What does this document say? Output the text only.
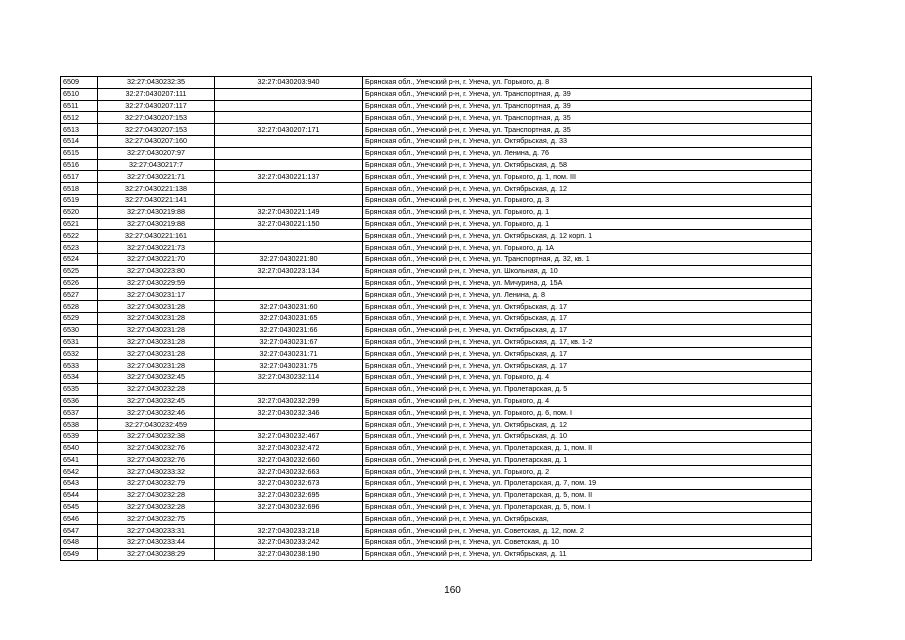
6509	32:27:0430232:35	32:27:0430203:940	Брянская обл., Унечский р-н, г. Унеча, ул. Горького, д. 8
6510	32:27:0430207:111		Брянская обл., Унечский р-н, г. Унеча, ул. Транспортная, д. 39
6511	32:27:0430207:117		Брянская обл., Унечский р-н, г. Унеча, ул. Транспортная, д. 39
6512	32:27:0430207:153		Брянская обл., Унечский р-н, г. Унеча, ул. Транспортная, д. 35
6513	32:27:0430207:153	32:27:0430207:171	Брянская обл., Унечский р-н, г. Унеча, ул. Транспортная, д. 35
6514	32:27:0430207:160		Брянская обл., Унечский р-н, г. Унеча, ул. Октябрьская, д. 33
6515	32:27:0430207:97		Брянская обл., Унечский р-н, г. Унеча, ул. Ленина, д. 76
6516	32:27:0430217:7		Брянская обл., Унечский р-н, г. Унеча, ул. Октябрьская, д. 58
6517	32:27:0430221:71	32:27:0430221:137	Брянская обл., Унечский р-н, г. Унеча, ул. Горького, д. 1, пом. III
6518	32:27:0430221:138		Брянская обл., Унечский р-н, г. Унеча, ул. Октябрьская, д. 12
6519	32:27:0430221:141		Брянская обл., Унечский р-н, г. Унеча, ул. Горького, д. 3
6520	32:27:0430219:88	32:27:0430221:149	Брянская обл., Унечский р-н, г. Унеча, ул. Горького, д. 1
6521	32:27:0430219:88	32:27:0430221:150	Брянская обл., Унечский р-н, г. Унеча, ул. Горького, д. 1
6522	32:27:0430221:161		Брянская обл., Унечский р-н, г. Унеча, ул. Октябрьская, д. 12 корп. 1
6523	32:27:0430221:73		Брянская обл., Унечский р-н, г. Унеча, ул. Горького, д. 1А
6524	32:27:0430221:70	32:27:0430221:80	Брянская обл., Унечский р-н, г. Унеча, ул. Транспортная, д. 32, кв. 1
6525	32:27:0430223:80	32:27:0430223:134	Брянская обл., Унечский р-н, г. Унеча, ул. Школьная, д. 10
6526	32:27:0430229:59		Брянская обл., Унечский р-н, г. Унеча, ул. Мичурина, д. 15А
6527	32:27:0430231:17		Брянская обл., Унечский р-н, г. Унеча, ул. Ленина, д. 8
6528	32:27:0430231:28	32:27:0430231:60	Брянская обл., Унечский р-н, г. Унеча, ул. Октябрьская, д. 17
6529	32:27:0430231:28	32:27:0430231:65	Брянская обл., Унечский р-н, г. Унеча, ул. Октябрьская, д. 17
6530	32:27:0430231:28	32:27:0430231:66	Брянская обл., Унечский р-н, г. Унеча, ул. Октябрьская, д. 17
6531	32:27:0430231:28	32:27:0430231:67	Брянская обл., Унечский р-н, г. Унеча, ул. Октябрьская, д. 17, кв. 1-2
6532	32:27:0430231:28	32:27:0430231:71	Брянская обл., Унечский р-н, г. Унеча, ул. Октябрьская, д. 17
6533	32:27:0430231:28	32:27:0430231:75	Брянская обл., Унечский р-н, г. Унеча, ул. Октябрьская, д. 17
6534	32:27:0430232:45	32:27:0430232:114	Брянская обл., Унечский р-н, г. Унеча, ул. Горького, д. 4
6535	32:27:0430232:28		Брянская обл., Унечский р-н, г. Унеча, ул. Пролетарская, д. 5
6536	32:27:0430232:45	32:27:0430232:299	Брянская обл., Унечский р-н, г. Унеча, ул. Горького, д. 4
6537	32:27:0430232:46	32:27:0430232:346	Брянская обл., Унечский р-н, г. Унеча, ул. Горького, д. 6, пом. I
6538	32:27:0430232:459		Брянская обл., Унечский р-н, г. Унеча, ул. Октябрьская, д. 12
6539	32:27:0430232:38	32:27:0430232:467	Брянская обл., Унечский р-н, г. Унеча, ул. Октябрьская, д. 10
6540	32:27:0430232:76	32:27:0430232:472	Брянская обл., Унечский р-н, г. Унеча, ул. Пролетарская, д. 1, пом. II
6541	32:27:0430232:76	32:27:0430232:660	Брянская обл., Унечский р-н, г. Унеча, ул. Пролетарская, д. 1
6542	32:27:0430233:32	32:27:0430232:663	Брянская обл., Унечский р-н, г. Унеча, ул. Горького, д. 2
6543	32:27:0430232:79	32:27:0430232:673	Брянская обл., Унечский р-н, г. Унеча, ул. Пролетарская, д. 7, пом. 19
6544	32:27:0430232:28	32:27:0430232:695	Брянская обл., Унечский р-н, г. Унеча, ул. Пролетарская, д. 5, пом. II
6545	32:27:0430232:28	32:27:0430232:696	Брянская обл., Унечский р-н, г. Унеча, ул. Пролетарская, д. 5, пом. I
6546	32:27:0430232:75		Брянская обл., Унечский р-н, г. Унеча, ул. Октябрьская,
6547	32:27:0430233:31	32:27:0430233:218	Брянская обл., Унечский р-н, г. Унеча, ул. Советская, д. 12, пом. 2
6548	32:27:0430233:44	32:27:0430233:242	Брянская обл., Унечский р-н, г. Унеча, ул. Советская, д. 10
6549	32:27:0430238:29	32:27:0430238:190	Брянская обл., Унечский р-н, г. Унеча, ул. Октябрьская, д. 11
160
